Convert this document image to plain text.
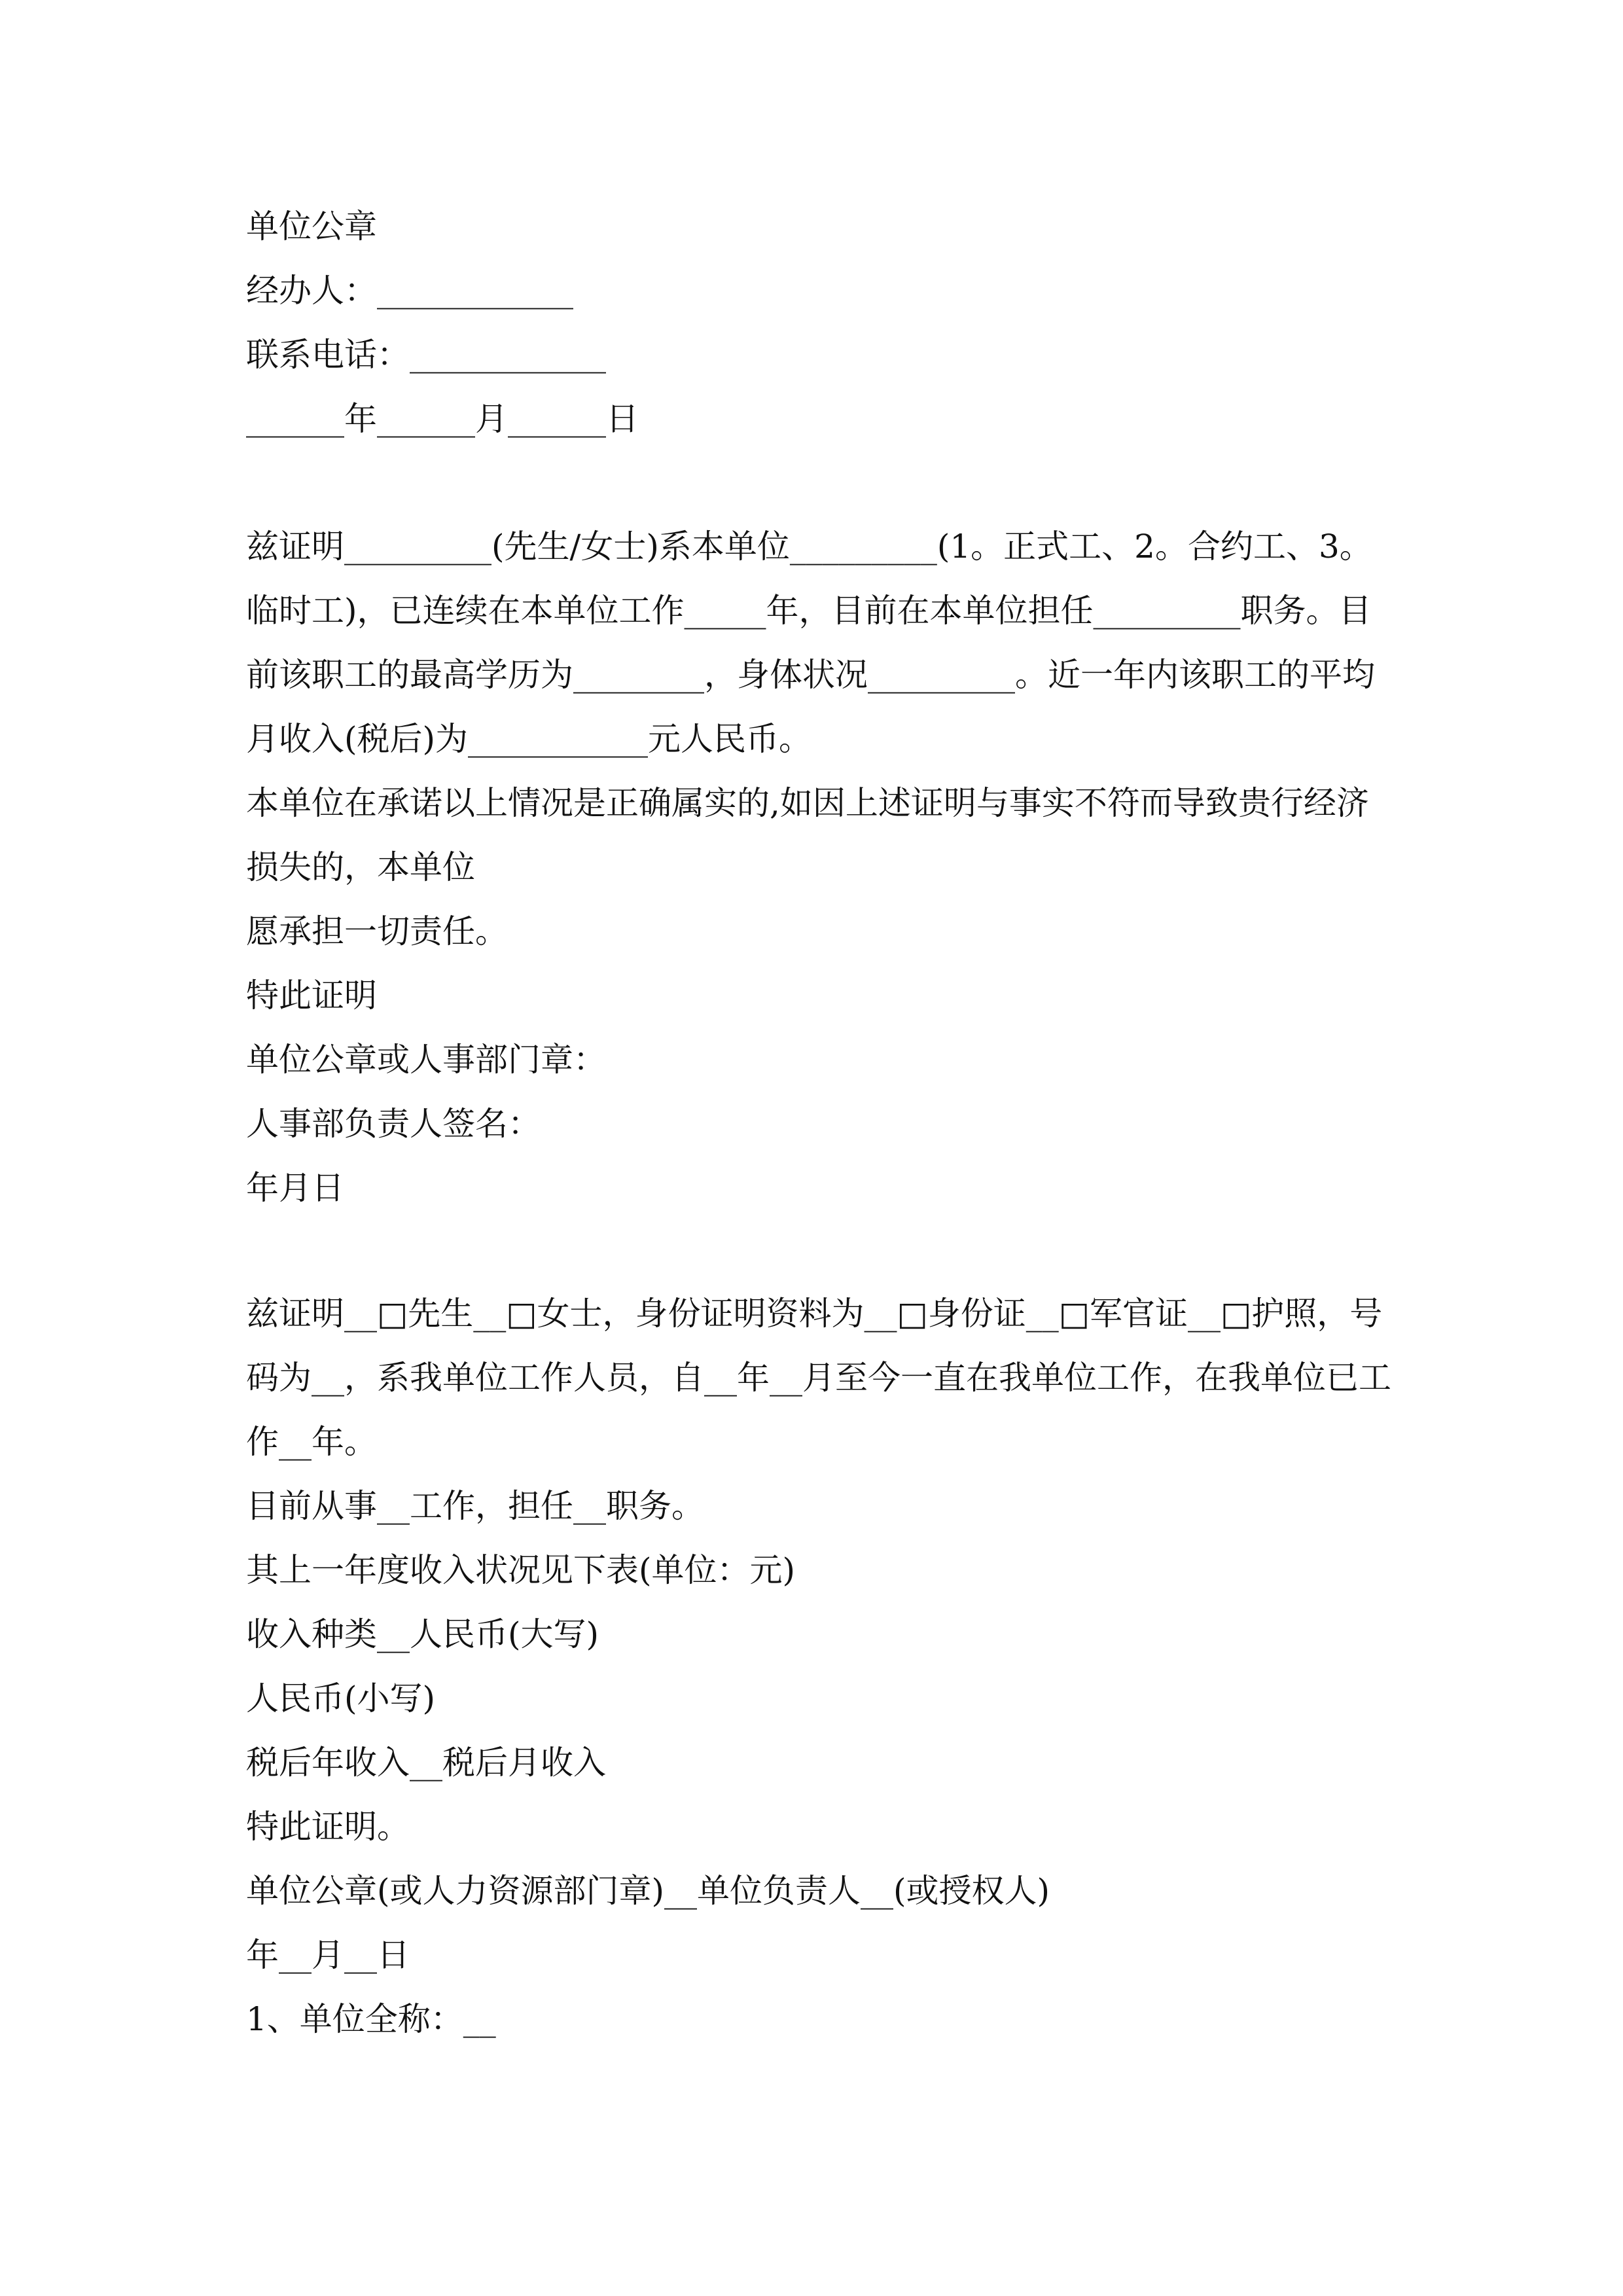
单位公章
经办人：____________
联系电话：____________
______年______月______日
兹证明_________(先生/女士)系本单位_________(1。正式工、2。合约工、3。
临时工)，已连续在本单位工作_____年，目前在本单位担任_________职务。目
前该职工的最高学历为________，身体状况_________。近一年内该职工的平均
月收入(税后)为___________元人民币。
本单位在承诺以上情况是正确属实的,如因上述证明与事实不符而导致贵行经济
损失的，本单位
愿承担一切责任。
特此证明
单位公章或人事部门章：
人事部负责人签名：
年月日
兹证明__□先生__□女士，身份证明资料为__□身份证__□军官证__□护照，号
码为__，系我单位工作人员，自__年__月至今一直在我单位工作，在我单位已工
作__年。
目前从事__工作，担任__职务。
其上一年度收入状况见下表(单位：元)
收入种类__人民币(大写)
人民币(小写)
税后年收入__税后月收入
特此证明。
单位公章(或人力资源部门章)__单位负责人__(或授权人)
年__月__日
1、单位全称：__
